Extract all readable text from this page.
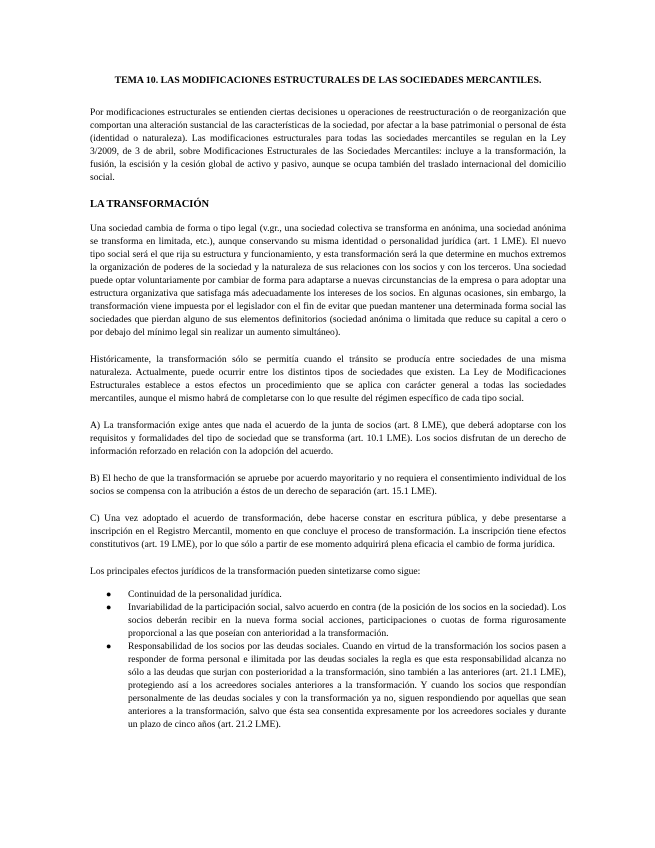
TEMA 10. LAS MODIFICACIONES ESTRUCTURALES DE LAS SOCIEDADES MERCANTILES.

Por modificaciones estructurales se entienden ciertas decisiones u operaciones de reestructuración o de reorganización que comportan una alteración sustancial de las características de la sociedad, por afectar a la base patrimonial o personal de ésta (identidad o naturaleza). Las modificaciones estructurales para todas las sociedades mercantiles se regulan en la Ley 3/2009, de 3 de abril, sobre Modificaciones Estructurales de las Sociedades Mercantiles: incluye a la transformación, la fusión, la escisión y la cesión global de activo y pasivo, aunque se ocupa también del traslado internacional del domicilio social.

LA TRANSFORMACIÓN

Una sociedad cambia de forma o tipo legal (v.gr., una sociedad colectiva se transforma en anónima, una sociedad anónima se transforma en limitada, etc.), aunque conservando su misma identidad o personalidad jurídica (art. 1 LME). El nuevo tipo social será el que rija su estructura y funcionamiento, y esta transformación será la que determine en muchos extremos la organización de poderes de la sociedad y la naturaleza de sus relaciones con los socios y con los terceros. Una sociedad puede optar voluntariamente por cambiar de forma para adaptarse a nuevas circunstancias de la empresa o para adoptar una estructura organizativa que satisfaga más adecuadamente los intereses de los socios. En algunas ocasiones, sin embargo, la transformación viene impuesta por el legislador con el fin de evitar que puedan mantener una determinada forma social las sociedades que pierdan alguno de sus elementos definitorios (sociedad anónima o limitada que reduce su capital a cero o por debajo del mínimo legal sin realizar un aumento simultáneo).

Históricamente, la transformación sólo se permitía cuando el tránsito se producía entre sociedades de una misma naturaleza. Actualmente, puede ocurrir entre los distintos tipos de sociedades que existen. La Ley de Modificaciones Estructurales establece a estos efectos un procedimiento que se aplica con carácter general a todas las sociedades mercantiles, aunque el mismo habrá de completarse con lo que resulte del régimen específico de cada tipo social.

A) La transformación exige antes que nada el acuerdo de la junta de socios (art. 8 LME), que deberá adoptarse con los requisitos y formalidades del tipo de sociedad que se transforma (art. 10.1 LME). Los socios disfrutan de un derecho de información reforzado en relación con la adopción del acuerdo.

B) El hecho de que la transformación se apruebe por acuerdo mayoritario y no requiera el consentimiento individual de los socios se compensa con la atribución a éstos de un derecho de separación (art. 15.1 LME).

C) Una vez adoptado el acuerdo de transformación, debe hacerse constar en escritura pública, y debe presentarse a inscripción en el Registro Mercantil, momento en que concluye el proceso de transformación. La inscripción tiene efectos constitutivos (art. 19 LME), por lo que sólo a partir de ese momento adquirirá plena eficacia el cambio de forma jurídica.

Los principales efectos jurídicos de la transformación pueden sintetizarse como sigue:

● Continuidad de la personalidad jurídica.
● Invariabilidad de la participación social, salvo acuerdo en contra (de la posición de los socios en la sociedad). Los socios deberán recibir en la nueva forma social acciones, participaciones o cuotas de forma rigurosamente proporcional a las que poseían con anterioridad a la transformación.
● Responsabilidad de los socios por las deudas sociales. Cuando en virtud de la transformación los socios pasen a responder de forma personal e ilimitada por las deudas sociales la regla es que esta responsabilidad alcanza no sólo a las deudas que surjan con posterioridad a la transformación, sino también a las anteriores (art. 21.1 LME), protegiendo así a los acreedores sociales anteriores a la transformación. Y cuando los socios que respondían personalmente de las deudas sociales y con la transformación ya no, siguen respondiendo por aquellas que sean anteriores a la transformación, salvo que ésta sea consentida expresamente por los acreedores sociales y durante un plazo de cinco años (art. 21.2 LME).
